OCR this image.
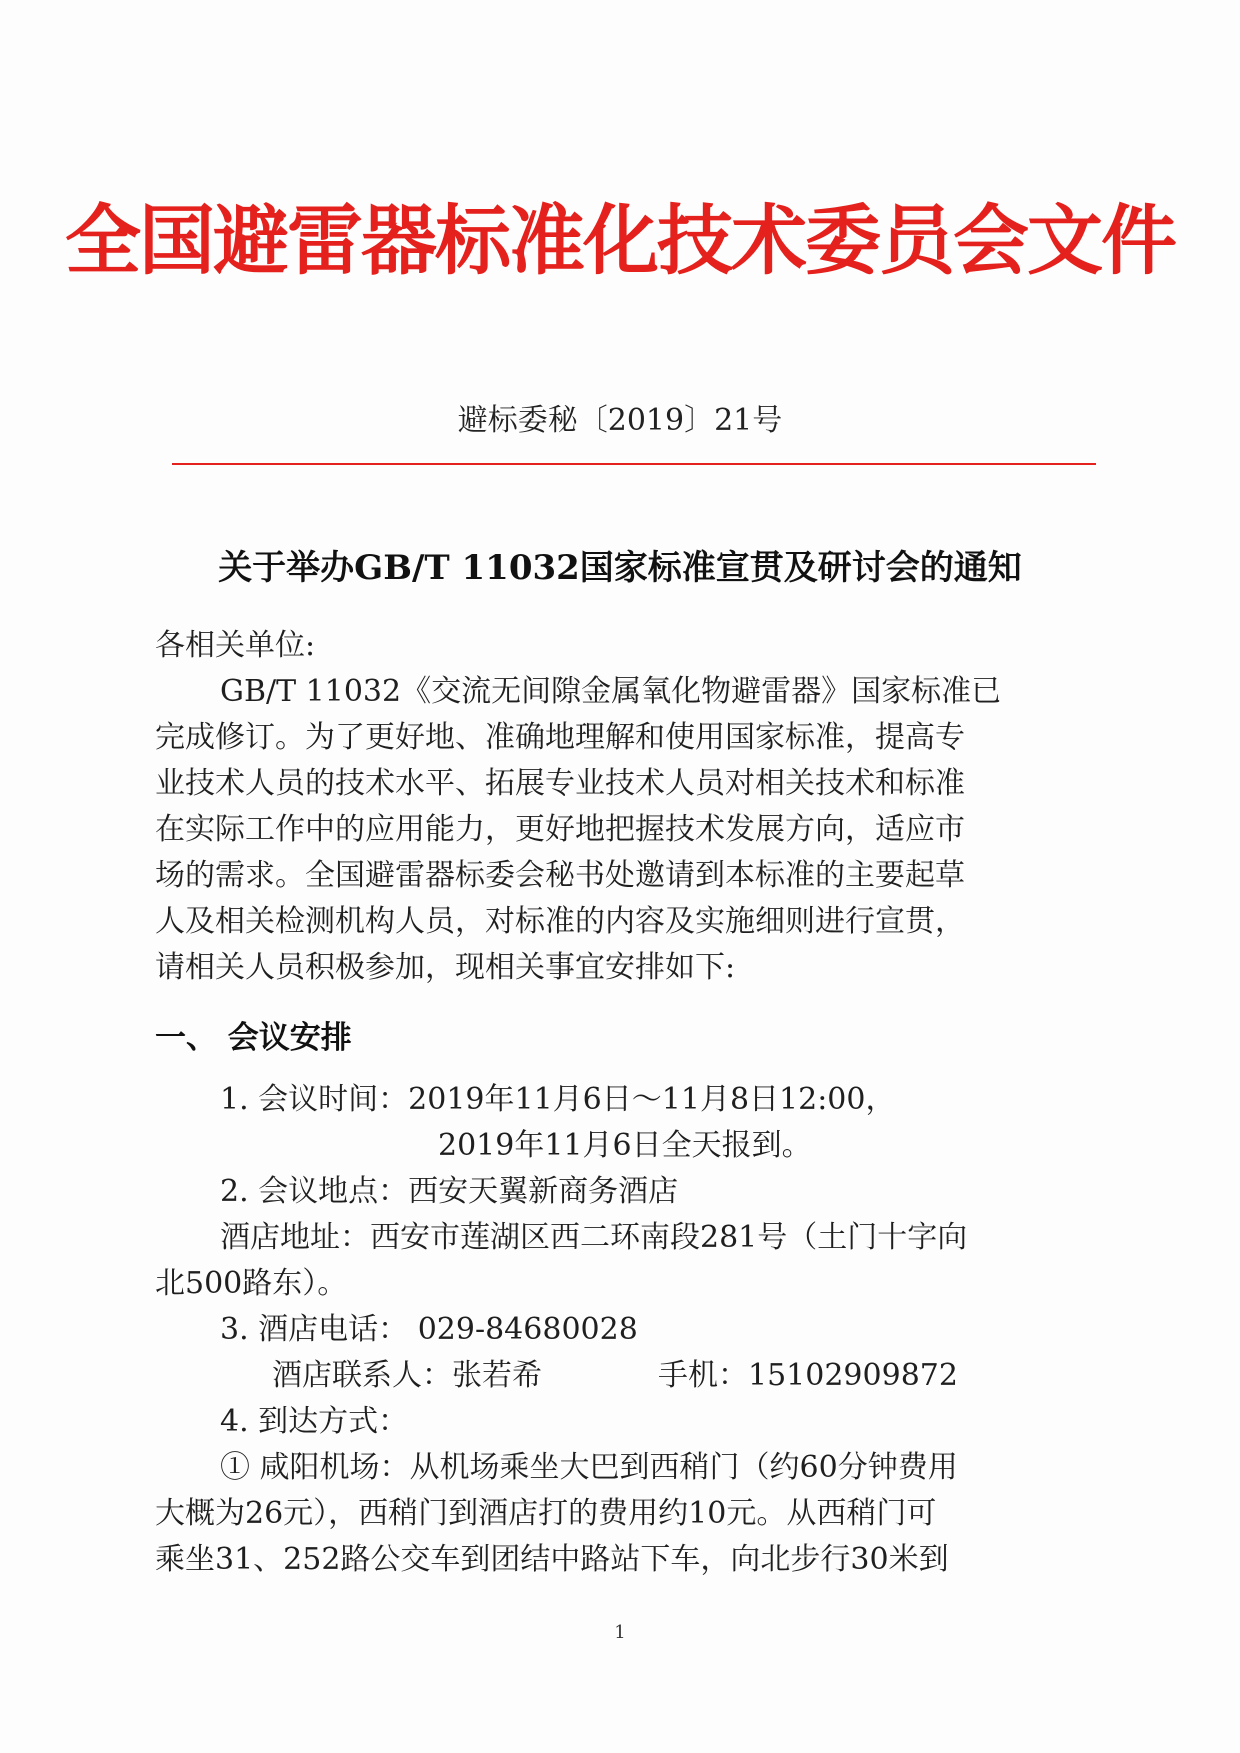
全国避雷器标准化技术委员会文件
避标委秘〔2019〕21号
关于举办GB/T 11032国家标准宣贯及研讨会的通知
各相关单位:
GB/T 11032《交流无间隙金属氧化物避雷器》国家标准已
完成修订。为了更好地、准确地理解和使用国家标准，提高专
业技术人员的技术水平、拓展专业技术人员对相关技术和标准
在实际工作中的应用能力，更好地把握技术发展方向，适应市
场的需求。全国避雷器标委会秘书处邀请到本标准的主要起草
人及相关检测机构人员，对标准的内容及实施细则进行宣贯，
请相关人员积极参加，现相关事宜安排如下:
一、 会议安排
1. 会议时间：2019年11月6日～11月8日12:00，
2019年11月6日全天报到。
2. 会议地点：西安天翼新商务酒店
酒店地址：西安市莲湖区西二环南段281号（土门十字向
北500路东）。
3. 酒店电话： 029-84680028
酒店联系人：张若希	手机：15102909872
4. 到达方式：
① 咸阳机场：从机场乘坐大巴到西稍门（约60分钟费用
大概为26元），西稍门到酒店打的费用约10元。从西稍门可
乘坐31、252路公交车到团结中路站下车，向北步行30米到
1
